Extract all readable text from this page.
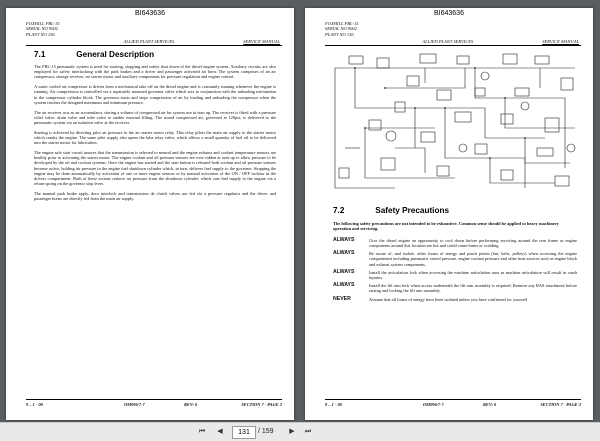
BI643636
FOXHILL FBL-15
SERIAL NO 9002
PLANT NO 156
ALLIED PLANT SERVICES	SERVICE MANUAL
7.1	General Description

The FBL-15 pneumatic system is used for starting, stopping and safety shut down of the diesel engine system. Auxiliary circuits are also employed for safety interlocking with the park brakes and a driver and passenger activated air horn. The system comprises of an air compressor, storage receiver, air starter motor and auxiliary components for pressure regulation and engine control.

A water cooled air compressor is driven from a mechanical take off on the diesel engine and is constantly running whenever the engine is running. Air compression is controlled via a separately mounted governor valve which acts in conjunction with the unloading mechanism in the compressor cylinder block. The governor starts and stops compression of air by loading and unloading the compressor when the system reaches the designed maximum and minimum pressure.

The air receiver acts as an accumulator, storing a volume of compressed air for system use at start up. The receiver is fitted with a pressure relief valve, drain valve and inlet valve to enable external filling. The stored compressed air, governed at 120psi, is delivered to the pneumatic system via an isolation valve at the receiver.

Starting is achieved by directing pilot air pressure to the air starter motor relay. This relay pilots the main air supply to the starter motor which cranks the engine. The same pilot supply also opens the lube relay valve, which allows a small quantity of fuel oil to be delivered into the starter motor for lubrication.

The engine safe start circuit assures that the transmission is selected to neutral and the engine exhaust and coolant temperature sensors are healthy prior to activating the starter motor. The engine coolant and oil pressure sensors are over ridden at start up to allow pressure to be developed by the oil and coolant systems. Once the engine has started and the start button is released both coolant and oil pressure sensors become active, holding air pressure in the engine fuel shutdown cylinder which, in turn, delivers fuel supply to the governor. Stopping the engine may be done automatically by activation of one or more engine sensors or by manual activation of the ON / OFF isolator in the drivers compartment. Both of these actions remove air pressure from the shutdown cylinder, which cuts fuel supply to the engine via a return spring on the governor stop lever.

The manual park brake apply, door interlock and transmission de clutch valves are fed via a pressure regulator and the driver and passenger horns are directly fed from the main air supply.

9 – 1 - 00	OM096/7-7	REV: 0	SECTION 7 - PAGE 2
BI643636
FOXHILL FBL-15
SERIAL NO 9002
PLANT NO 156
ALLIED PLANT SERVICES	SERVICE MANUAL
7.2	Safety Precautions
The following safety precautions are not intended to be exhaustive. Common sense should be applied to heavy machinery operation and servicing.
ALWAYS	Give the diesel engine an opportunity to cool down before performing servicing around the rear frame as engine components around this location are hot and could cause burns or scalding.
ALWAYS	Be aware of, and isolate, other forms of energy and pinch points (fan, belts, pulleys) when accessing the engine compartment including pneumatic stored pressure, engine coolant pressure and other heat sources such as engine block and exhaust system components.
ALWAYS	Install the articulation lock when accessing the machine articulation area as machine articulation will result in crush injuries.
ALWAYS	Install the lift arm lock when access underneath the lift arm assembly is required. Remove any RAS attachment before raising and locking the lift arm assembly.
NEVER	Assume that all forms of energy have been isolated unless you have confirmed for yourself
9 – 1 - 00	OM096/7-7	REV: 0	SECTION 7 - PAGE 3
⏮	◀
131	/ 159	▶	⏭
